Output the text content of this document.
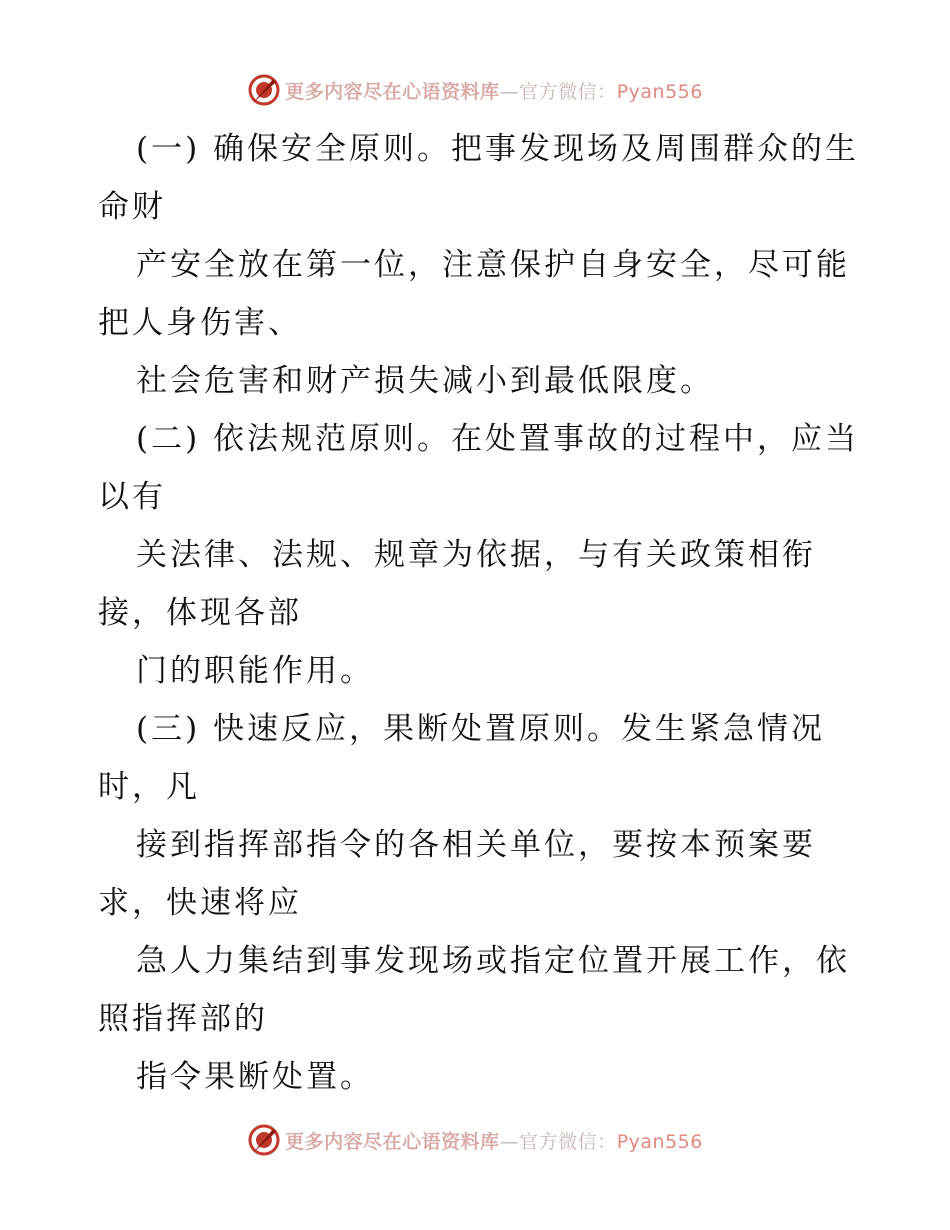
更多内容尽在心语资料库—官方微信：Pyan556
(一) 确保安全原则。把事发现场及周围群众的生
命财
产安全放在第一位，注意保护自身安全，尽可能
把人身伤害、
社会危害和财产损失减小到最低限度。
(二) 依法规范原则。在处置事故的过程中，应当
以有
关法律、法规、规章为依据，与有关政策相衔
接，体现各部
门的职能作用。
(三) 快速反应，果断处置原则。发生紧急情况
时，凡
接到指挥部指令的各相关单位，要按本预案要
求，快速将应
急人力集结到事发现场或指定位置开展工作，依
照指挥部的
指令果断处置。
更多内容尽在心语资料库—官方微信：Pyan556
